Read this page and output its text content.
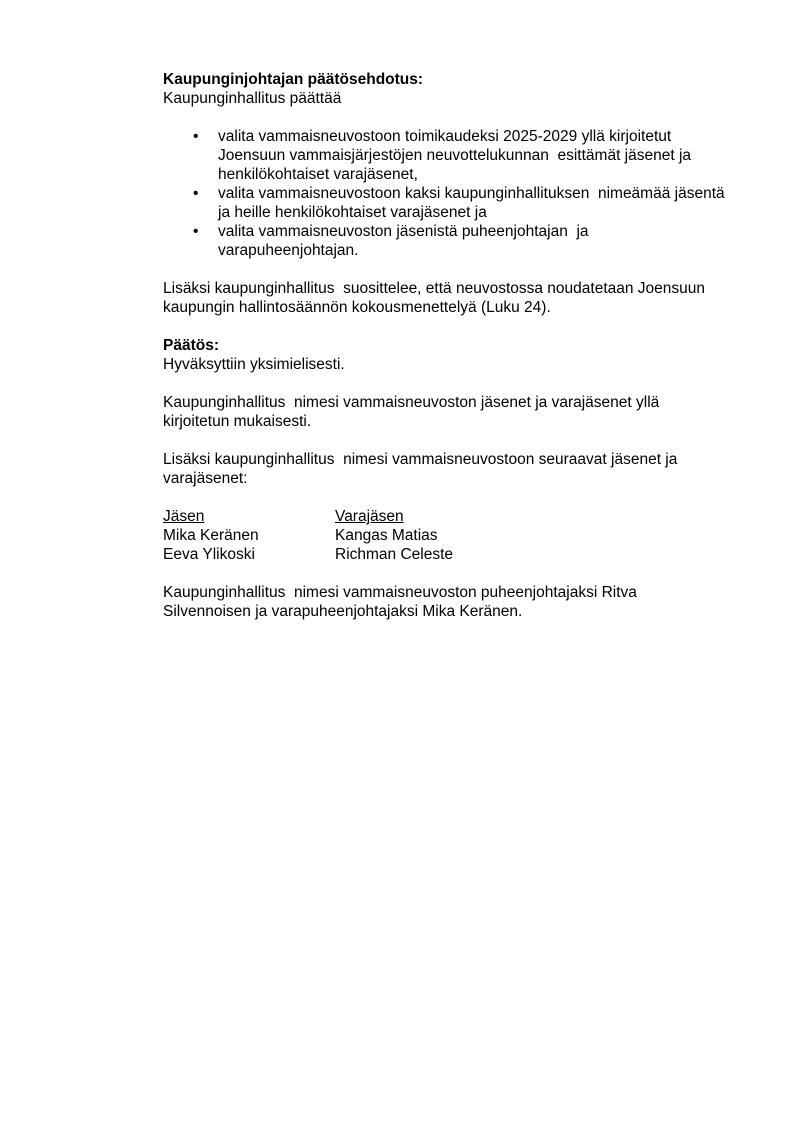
Kaupunginjohtajan päätösehdotus:
Kaupunginhallitus päättää
• valita vammaisneuvostoon toimikaudeksi 2025-2029 yllä kirjoitetut Joensuun vammaisjärjestöjen neuvottelukunnan  esittämät jäsenet ja henkilökohtaiset varajäsenet,
• valita vammaisneuvostoon kaksi kaupunginhallituksen  nimeämää jäsentä ja heille henkilökohtaiset varajäsenet ja
• valita vammaisneuvoston jäsenistä puheenjohtajan  ja varapuheenjohtajan.
Lisäksi kaupunginhallitus  suosittelee, että neuvostossa noudatetaan Joensuun kaupungin hallintosäännön kokousmenettelyä (Luku 24).
Päätös:
Hyväksyttiin yksimielisesti.
Kaupunginhallitus  nimesi vammaisneuvoston jäsenet ja varajäsenet yllä kirjoitetun mukaisesti.
Lisäksi kaupunginhallitus  nimesi vammaisneuvostoon seuraavat jäsenet ja varajäsenet:
Jäsen	Varajäsen
Mika Keränen	Kangas Matias
Eeva Ylikoski	Richman Celeste
Kaupunginhallitus  nimesi vammaisneuvoston puheenjohtajaksi Ritva Silvennoisen ja varapuheenjohtajaksi Mika Keränen.
